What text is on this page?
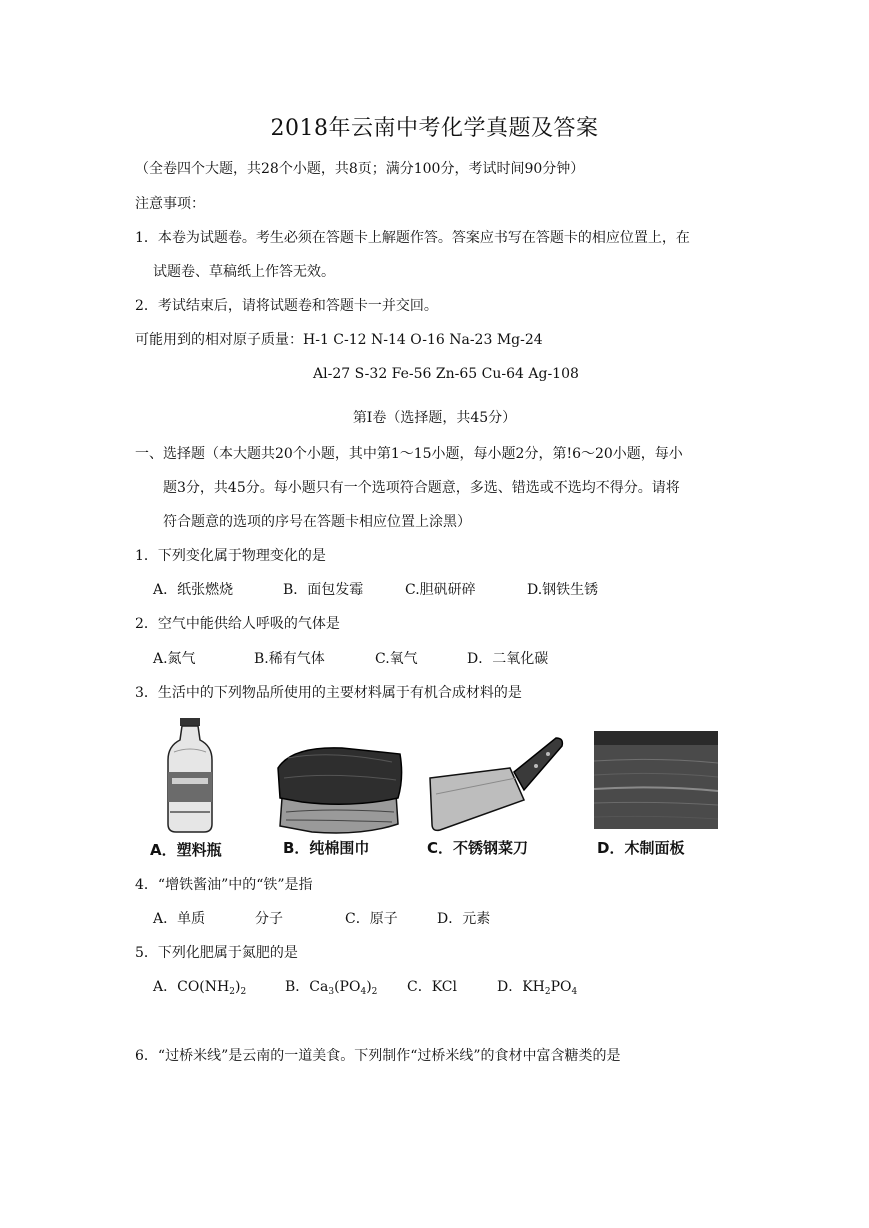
2018年云南中考化学真题及答案
（全卷四个大题，共28个小题，共8页；满分100分，考试时间90分钟）
注意事项：
1．本卷为试题卷。考生必须在答题卡上解题作答。答案应书写在答题卡的相应位置上，在
试题卷、草稿纸上作答无效。
2．考试结束后，请将试题卷和答题卡一并交回。
可能用到的相对原子质量：H-1 C-12 N-14 O-16 Na-23 Mg-24
Al-27 S-32 Fe-56 Zn-65 Cu-64 Ag-108
第Ⅰ卷（选择题，共45分）
一、选择题（本大题共20个小题，其中第1～15小题，每小题2分，第!6～20小题，每小
题3分，共45分。每小题只有一个选项符合题意，多选、错选或不选均不得分。请将
符合题意的选项的序号在答题卡相应位置上涂黑）
1．下列变化属于物理变化的是
A．纸张燃烧	B．面包发霉	C.胆矾研碎	D.钢铁生锈
2．空气中能供给人呼吸的气体是
A.氮气	B.稀有气体	C.氧气	D．二氧化碳
3．生活中的下列物品所使用的主要材料属于有机合成材料的是
A．塑料瓶	B．纯棉围巾	C．不锈钢菜刀	D．木制面板
4．“增铁酱油”中的“铁”是指
A．单质	分子	C．原子	D．元素
5．下列化肥属于氮肥的是
A．$CO(NH_2)_2$	B．$Ca_3(PO_4)_2$ C．KCl	D．$KH_2PO_4$
6．“过桥米线”是云南的一道美食。下列制作“过桥米线”的食材中富含糖类的是
